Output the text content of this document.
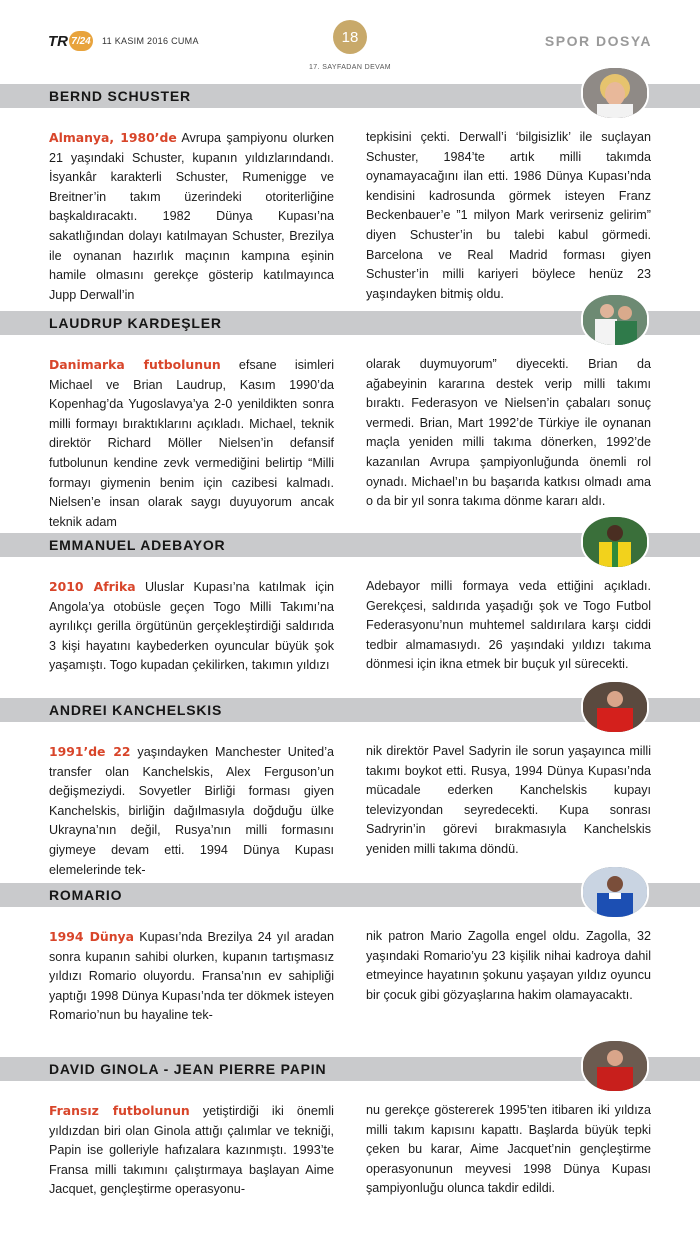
TR 7/24 11 KASIM 2016 CUMA	18
17. SAYFADAN DEVAM
SPOR DOSYA
BERND SCHUSTER
Almanya, 1980’de Avrupa şampiyonu olurken 21 yaşındaki Schuster, kupanın yıldızlarındandı. İsyankâr karakterli Schuster, Rumenigge ve Breitner’in takım üzerindeki otoriterliğine başkaldıracaktı. 1982 Dünya Kupası’na sakatlığından dolayı katılmayan Schuster, Brezilya ile oynanan hazırlık maçının kampına eşinin hamile olmasını gerekçe gösterip katılmayınca Jupp Derwall’in
tepkisini çekti. Derwall’i ‘bilgisizlik’ ile suçlayan Schuster, 1984’te artık milli takımda oynamayacağını ilan etti. 1986 Dünya Kupası’nda kendisini kadrosunda görmek isteyen Franz Beckenbauer’e ”1 milyon Mark verirseniz gelirim” diyen Schuster’in bu talebi kabul görmedi. Barcelona ve Real Madrid forması giyen Schuster’in milli kariyeri böylece henüz 23 yaşındayken bitmiş oldu.
LAUDRUP KARDEŞLER
Danimarka futbolunun efsane isimleri Michael ve Brian Laudrup, Kasım 1990’da Kopenhag’da Yugoslavya’ya 2-0 yenildikten sonra milli formayı bıraktıklarını açıkladı. Michael, teknik direktör Richard Möller Nielsen’in defansif futbolunun kendine zevk vermediğini belirtip “Milli formayı giymenin benim için cazibesi kalmadı. Nielsen’e insan olarak saygı duyuyorum ancak teknik adam
olarak duymuyorum” diyecekti. Brian da ağabeyinin kararına destek verip milli takımı bıraktı. Federasyon ve Nielsen’in çabaları sonuç vermedi. Brian, Mart 1992’de Türkiye ile oynanan maçla yeniden milli takıma dönerken, 1992’de kazanılan Avrupa şampiyonluğunda önemli rol oynadı. Michael’ın bu başarıda katkısı olmadı ama o da bir yıl sonra takıma dönme kararı aldı.
EMMANUEL ADEBAYOR
2010 Afrika Uluslar Kupası’na katılmak için Angola’ya otobüsle geçen Togo Milli Takımı’na ayrılıkçı gerilla örgütünün gerçekleştirdiği saldırıda 3 kişi hayatını kaybederken oyuncular büyük şok yaşamıştı. Togo kupadan çekilirken, takımın yıldızı
Adebayor milli formaya veda ettiğini açıkladı. Gerekçesi, saldırıda yaşadığı şok ve Togo Futbol Federasyonu’nun muhtemel saldırılara karşı ciddi tedbir almamasıydı. 26 yaşındaki yıldızı takıma dönmesi için ikna etmek bir buçuk yıl sürecekti.
ANDREI KANCHELSKIS
1991’de 22 yaşındayken Manchester United’a transfer olan Kanchelskis, Alex Ferguson’un değişmeziydi. Sovyetler Birliği forması giyen Kanchelskis, birliğin dağılmasıyla doğduğu ülke Ukrayna’nın değil, Rusya’nın milli formasını giymeye devam etti. 1994 Dünya Kupası elemelerinde tek-
nik direktör Pavel Sadyrin ile sorun yaşayınca milli takımı boykot etti. Rusya, 1994 Dünya Kupası’nda mücadale ederken Kanchelskis kupayı televizyondan seyredecekti. Kupa sonrası Sadryrin’in görevi bırakmasıyla Kanchelskis yeniden milli takıma döndü.
ROMARIO
1994 Dünya Kupası’nda Brezilya 24 yıl aradan sonra kupanın sahibi olurken, kupanın tartışmasız yıldızı Romario oluyordu. Fransa’nın ev sahipliği yaptığı 1998 Dünya Kupası’nda ter dökmek isteyen Romario’nun bu hayaline tek-
nik patron Mario Zagolla engel oldu. Zagolla, 32 yaşındaki Romario’yu 23 kişilik nihai kadroya dahil etmeyince hayatının şokunu yaşayan yıldız oyuncu bir çocuk gibi gözyaşlarına hakim olamayacaktı.
DAVID GINOLA - JEAN PIERRE PAPIN
Fransız futbolunun yetiştirdiği iki önemli yıldızdan biri olan Ginola attığı çalımlar ve tekniği, Papin ise golleriyle hafızalara kazınmıştı. 1993’te Fransa milli takımını çalıştırmaya başlayan Aime Jacquet, gençleştirme operasyonu-
nu gerekçe göstererek 1995’ten itibaren iki yıldıza milli takım kapısını kapattı. Başlarda büyük tepki çeken bu karar, Aime Jacquet’nin gençleştirme operasyonunun meyvesi 1998 Dünya Kupası şampiyonluğu olunca takdir edildi.
